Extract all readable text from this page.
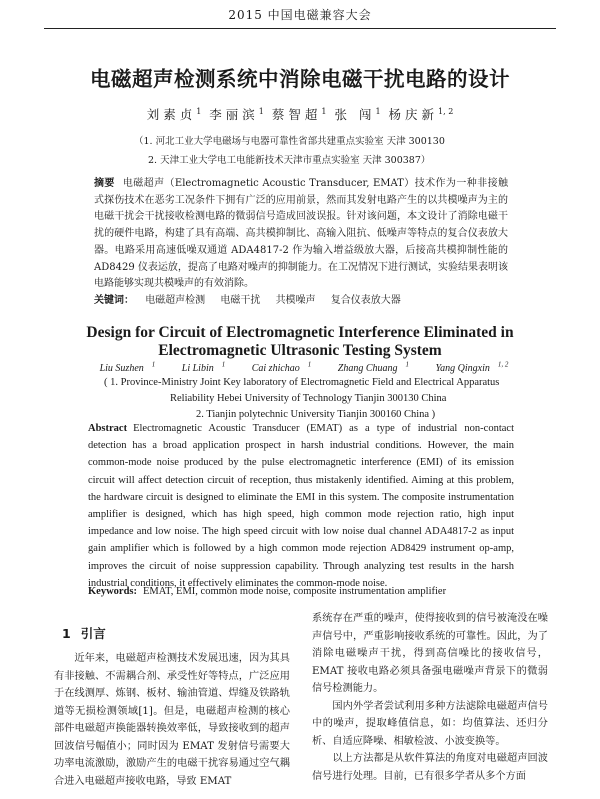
2015 中国电磁兼容大会
电磁超声检测系统中消除电磁干扰电路的设计
刘素贞$^1$ 李丽滨$^1$ 蔡智超$^1$ 张 闯$^1$ 杨庆新$^{1, 2}$
（1. 河北工业大学电磁场与电器可靠性省部共建重点实验室 天津 300130
2. 天津工业大学电工电能新技术天津市重点实验室 天津 300387）
摘要 电磁超声（Electromagnetic Acoustic Transducer, EMAT）技术作为一种非接触式探伤技术在恶劣工况条件下拥有广泛的应用前景，然而其发射电路产生的以共模噪声为主的电磁干扰会干扰接收检测电路的微弱信号造成回波误报。针对该问题，本文设计了消除电磁干扰的硬件电路，构建了具有高端、高共模抑制比、高输入阻抗、低噪声等特点的复合仪表放大器。电路采用高速低噪双通道 ADA4817-2 作为输入增益级放大器，后接高共模抑制性能的 AD8429 仪表运放，提高了电路对噪声的抑制能力。在工况情况下进行测试，实验结果表明该电路能够实现共模噪声的有效消除。
关键词： 电磁超声检测 电磁干扰 共模噪声 复合仪表放大器
Design for Circuit of Electromagnetic Interference Eliminated in
Electromagnetic Ultrasonic Testing System
Liu Suzhen $^1$	Li Libin $^1$	Cai zhichao $^1$	Zhang Chuang $^1$	Yang Qingxin $^{1, 2}$
( 1. Province-Ministry Joint Key laboratory of Electromagnetic Field and Electrical Apparatus
Reliability Hebei University of Technology Tianjin 300130 China
2. Tianjin polytechnic University Tianjin 300160 China )
Abstract Electromagnetic Acoustic Transducer (EMAT) as a type of industrial non-contact detection has a broad application prospect in harsh industrial conditions. However, the main common-mode noise produced by the pulse electromagnetic interference (EMI) of its emission circuit will affect detection circuit of reception, thus mistakenly identified. Aiming at this problem, the hardware circuit is designed to eliminate the EMI in this system. The composite instrumentation amplifier is designed, which has high speed, high common mode rejection ratio, high input impedance and low noise. The high speed circuit with low noise dual channel ADA4817-2 as input gain amplifier which is followed by a high common mode rejection AD8429 instrument op-amp, improves the circuit of noise suppression capability. Through analyzing test results in the harsh industrial conditions, it effectively eliminates the common-mode noise.
Keywords: EMAT, EMI, common mode noise, composite instrumentation amplifier
1 引言

近年来，电磁超声检测技术发展迅速，因为其具有非接触、不需耦合剂、承受性好等特点，广泛应用于在线测厚、炼钢、板材、输油管道、焊缝及铁路轨道等无损检测领域[1]。但是，电磁超声检测的核心部件电磁超声换能器转换效率低，导致接收到的超声回波信号幅值小；同时因为 EMAT 发射信号需要大功率电流激励，激励产生的电磁干扰容易通过空气耦合进入电磁超声接收电路，导致 EMAT

系统存在严重的噪声，使得接收到的信号被淹没在噪声信号中，严重影响接收系统的可靠性。因此，为了消除电磁噪声干扰，得到高信噪比的接收信号，EMAT 接收电路必须具备强电磁噪声背景下的微弱信号检测能力。

国内外学者尝试利用多种方法滤除电磁超声信号中的噪声，提取峰值信息，如：均值算法、还归分析、自适应降噪、相敏检波、小波变换等。

以上方法都是从软件算法的角度对电磁超声回波信号进行处理。目前，已有很多学者从多个方面
